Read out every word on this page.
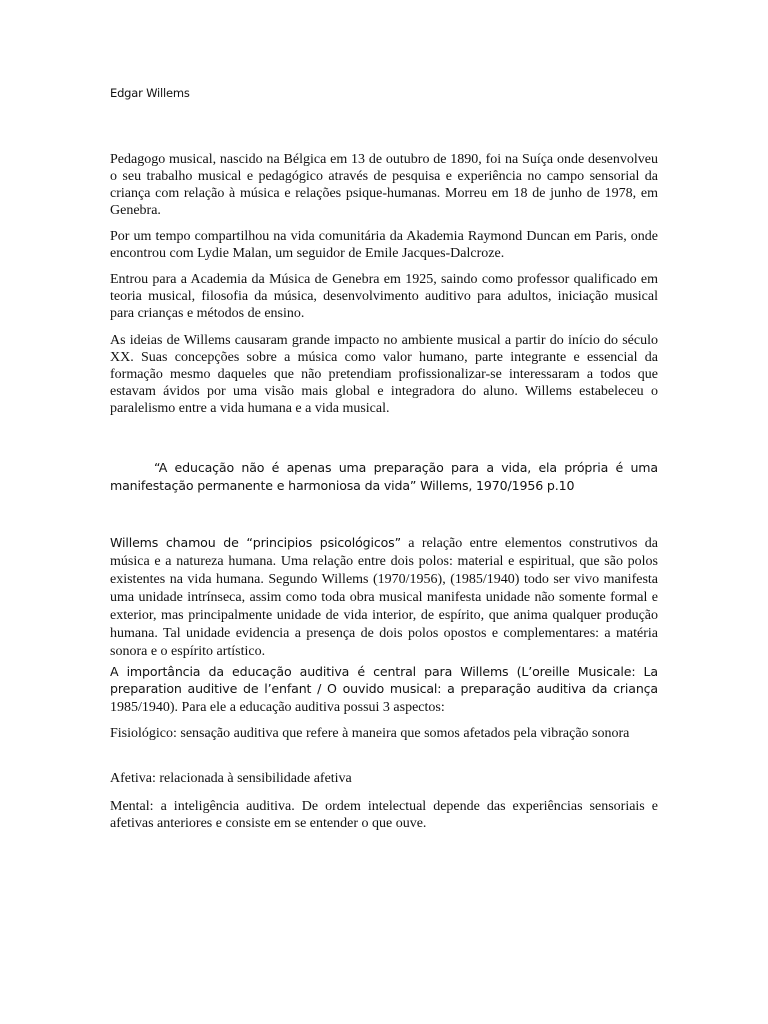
Edgar Willems

Pedagogo musical, nascido na Bélgica em 13 de outubro de 1890, foi na Suíça onde desenvolveu o seu trabalho musical e pedagógico através de pesquisa e experiência no campo sensorial da criança com relação à música e relações psique-humanas. Morreu em 18 de junho de 1978, em Genebra.

Por um tempo compartilhou na vida comunitária da Akademia Raymond Duncan em Paris, onde encontrou com Lydie Malan, um seguidor de Emile Jacques-Dalcroze.

Entrou para a Academia da Música de Genebra em 1925, saindo como professor qualificado em teoria musical, filosofia da música, desenvolvimento auditivo para adultos, iniciação musical para crianças e métodos de ensino.

As ideias de Willems causaram grande impacto no ambiente musical a partir do início do século XX. Suas concepções sobre a música como valor humano, parte integrante e essencial da formação mesmo daqueles que não pretendiam profissionalizar-se interessaram a todos que estavam ávidos por uma visão mais global e integradora do aluno. Willems estabeleceu o paralelismo entre a vida humana e a vida musical.

“A educação não é apenas uma preparação para a vida, ela própria é uma manifestação permanente e harmoniosa da vida” Willems, 1970/1956 p.10

Willems chamou de “principios psicológicos” a relação entre elementos construtivos da música e a natureza humana. Uma relação entre dois polos: material e espiritual, que são polos existentes na vida humana. Segundo Willems (1970/1956), (1985/1940) todo ser vivo manifesta uma unidade intrínseca, assim como toda obra musical manifesta unidade não somente formal e exterior, mas principalmente unidade de vida interior, de espírito, que anima qualquer produção humana. Tal unidade evidencia a presença de dois polos opostos e complementares: a matéria sonora e o espírito artístico.

A importância da educação auditiva é central para Willems (L’oreille Musicale: La preparation auditive de l’enfant / O ouvido musical: a preparação auditiva da criança 1985/1940). Para ele a educação auditiva possui 3 aspectos:

Fisiológico: sensação auditiva que refere à maneira que somos afetados pela vibração sonora

Afetiva: relacionada à sensibilidade afetiva

Mental: a inteligência auditiva. De ordem intelectual depende das experiências sensoriais e afetivas anteriores e consiste em se entender o que ouve.
